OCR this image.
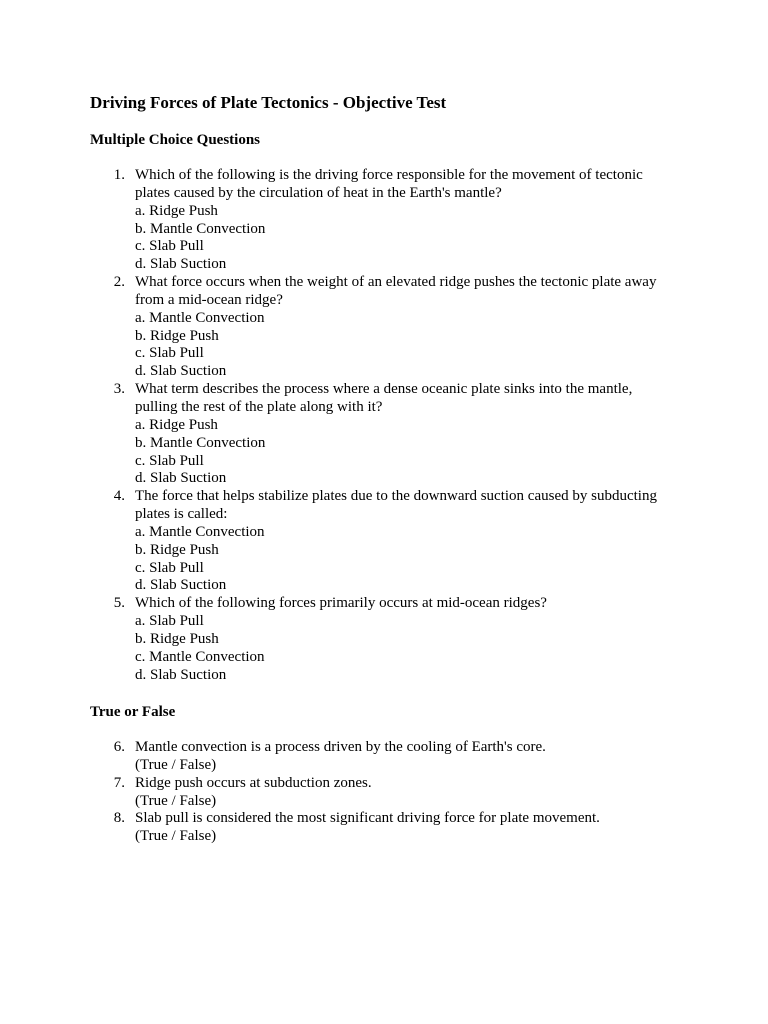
Driving Forces of Plate Tectonics - Objective Test
Multiple Choice Questions
1. Which of the following is the driving force responsible for the movement of tectonic plates caused by the circulation of heat in the Earth's mantle?
a. Ridge Push
b. Mantle Convection
c. Slab Pull
d. Slab Suction
2. What force occurs when the weight of an elevated ridge pushes the tectonic plate away from a mid-ocean ridge?
a. Mantle Convection
b. Ridge Push
c. Slab Pull
d. Slab Suction
3. What term describes the process where a dense oceanic plate sinks into the mantle, pulling the rest of the plate along with it?
a. Ridge Push
b. Mantle Convection
c. Slab Pull
d. Slab Suction
4. The force that helps stabilize plates due to the downward suction caused by subducting plates is called:
a. Mantle Convection
b. Ridge Push
c. Slab Pull
d. Slab Suction
5. Which of the following forces primarily occurs at mid-ocean ridges?
a. Slab Pull
b. Ridge Push
c. Mantle Convection
d. Slab Suction
True or False
6. Mantle convection is a process driven by the cooling of Earth's core.
(True / False)
7. Ridge push occurs at subduction zones.
(True / False)
8. Slab pull is considered the most significant driving force for plate movement.
(True / False)
